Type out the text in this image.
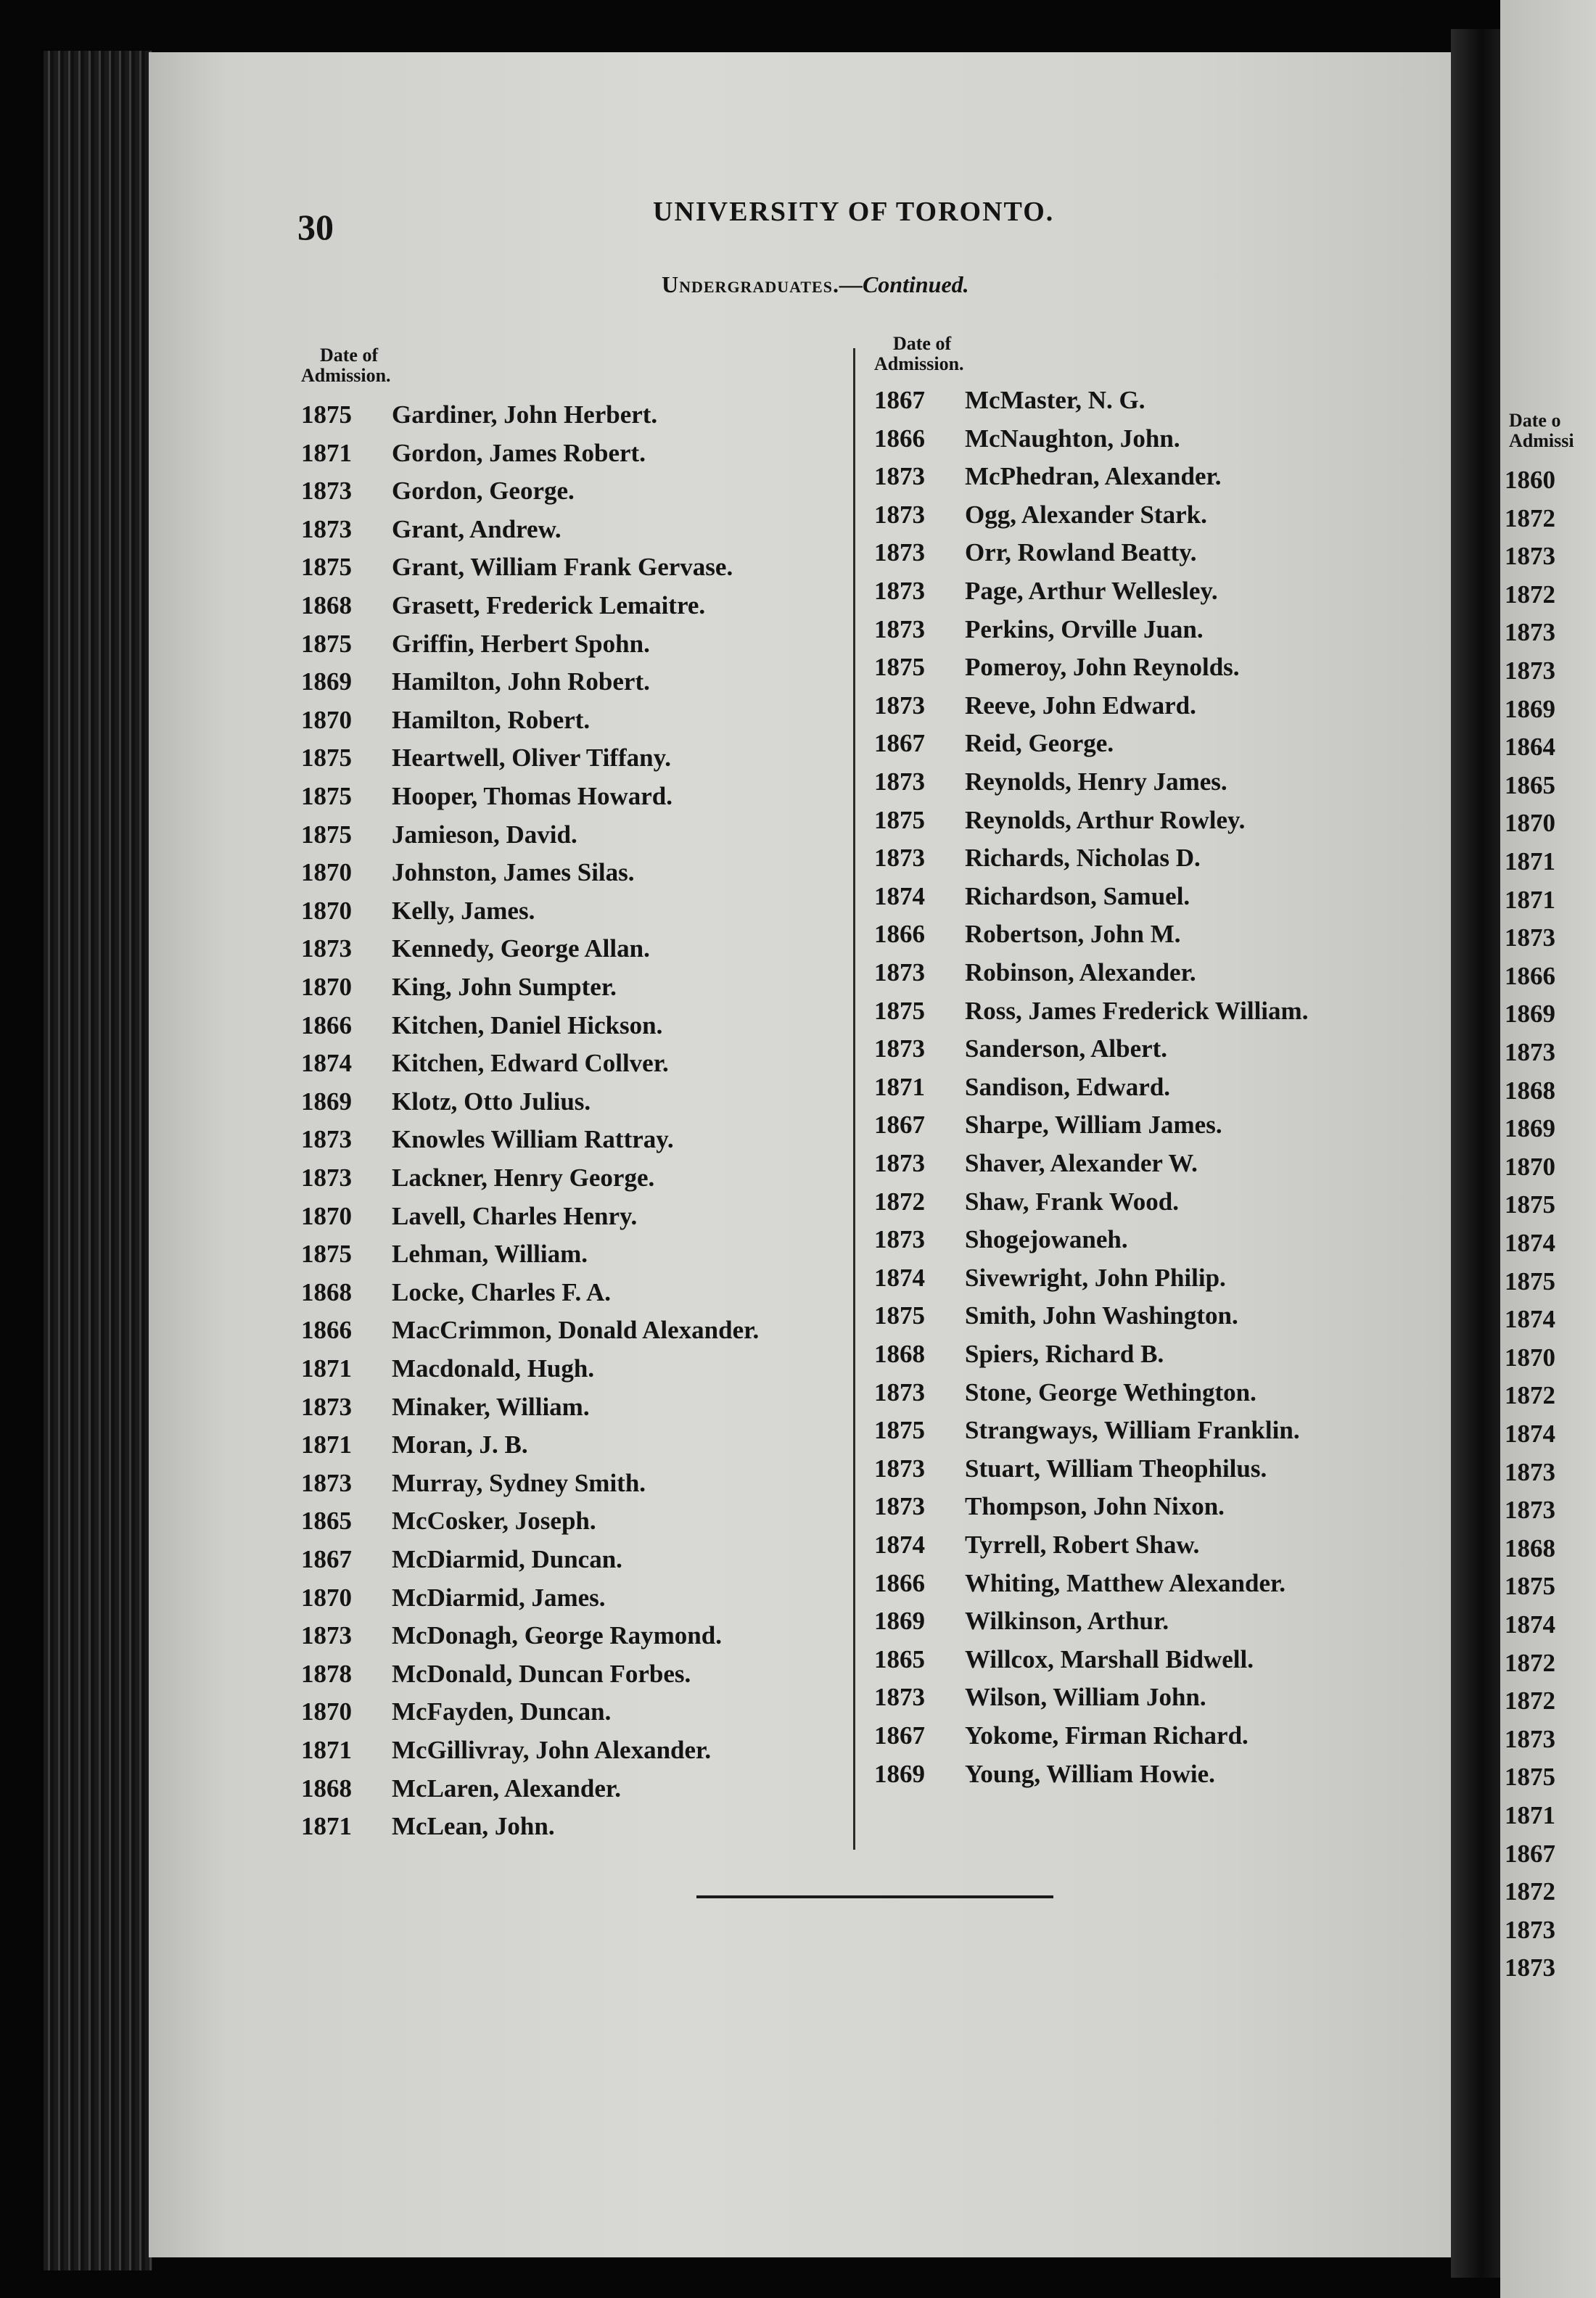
30	UNIVERSITY OF TORONTO.
Undergraduates.—Continued.
Date of
Admission.
Date of
Admission.
1875 Gardiner, John Herbert.
1871 Gordon, James Robert.
1873 Gordon, George.
1873 Grant, Andrew.
1875 Grant, William Frank Gervase.
1868 Grasett, Frederick Lemaitre.
1875 Griffin, Herbert Spohn.
1869 Hamilton, John Robert.
1870 Hamilton, Robert.
1875 Heartwell, Oliver Tiffany.
1875 Hooper, Thomas Howard.
1875 Jamieson, David.
1870 Johnston, James Silas.
1870 Kelly, James.
1873 Kennedy, George Allan.
1870 King, John Sumpter.
1866 Kitchen, Daniel Hickson.
1874 Kitchen, Edward Collver.
1869 Klotz, Otto Julius.
1873 Knowles William Rattray.
1873 Lackner, Henry George.
1870 Lavell, Charles Henry.
1875 Lehman, William.
1868 Locke, Charles F. A.
1866 MacCrimmon, Donald Alexander.
1871 Macdonald, Hugh.
1873 Minaker, William.
1871 Moran, J. B.
1873 Murray, Sydney Smith.
1865 McCosker, Joseph.
1867 McDiarmid, Duncan.
1870 McDiarmid, James.
1873 McDonagh, George Raymond.
1878 McDonald, Duncan Forbes.
1870 McFayden, Duncan.
1871 McGillivray, John Alexander.
1868 McLaren, Alexander.
1871 McLean, John.
1867 McMaster, N. G.
1866 McNaughton, John.
1873 McPhedran, Alexander.
1873 Ogg, Alexander Stark.
1873 Orr, Rowland Beatty.
1873 Page, Arthur Wellesley.
1873 Perkins, Orville Juan.
1875 Pomeroy, John Reynolds.
1873 Reeve, John Edward.
1867 Reid, George.
1873 Reynolds, Henry James.
1875 Reynolds, Arthur Rowley.
1873 Richards, Nicholas D.
1874 Richardson, Samuel.
1866 Robertson, John M.
1873 Robinson, Alexander.
1875 Ross, James Frederick William.
1873 Sanderson, Albert.
1871 Sandison, Edward.
1867 Sharpe, William James.
1873 Shaver, Alexander W.
1872 Shaw, Frank Wood.
1873 Shogejowaneh.
1874 Sivewright, John Philip.
1875 Smith, John Washington.
1868 Spiers, Richard B.
1873 Stone, George Wethington.
1875 Strangways, William Franklin.
1873 Stuart, William Theophilus.
1873 Thompson, John Nixon.
1874 Tyrrell, Robert Shaw.
1866 Whiting, Matthew Alexander.
1869 Wilkinson, Arthur.
1865 Willcox, Marshall Bidwell.
1873 Wilson, William John.
1867 Yokome, Firman Richard.
1869 Young, William Howie.
Date o
Admissi
1860
1872
1873
1872
1873
1873
1869
1864
1865
1870
1871
1871
1873
1866
1869
1873
1868
1869
1870
1875
1874
1875
1874
1870
1872
1874
1873
1873
1868
1875
1874
1872
1872
1873
1875
1871
1867
1872
1873
1873
